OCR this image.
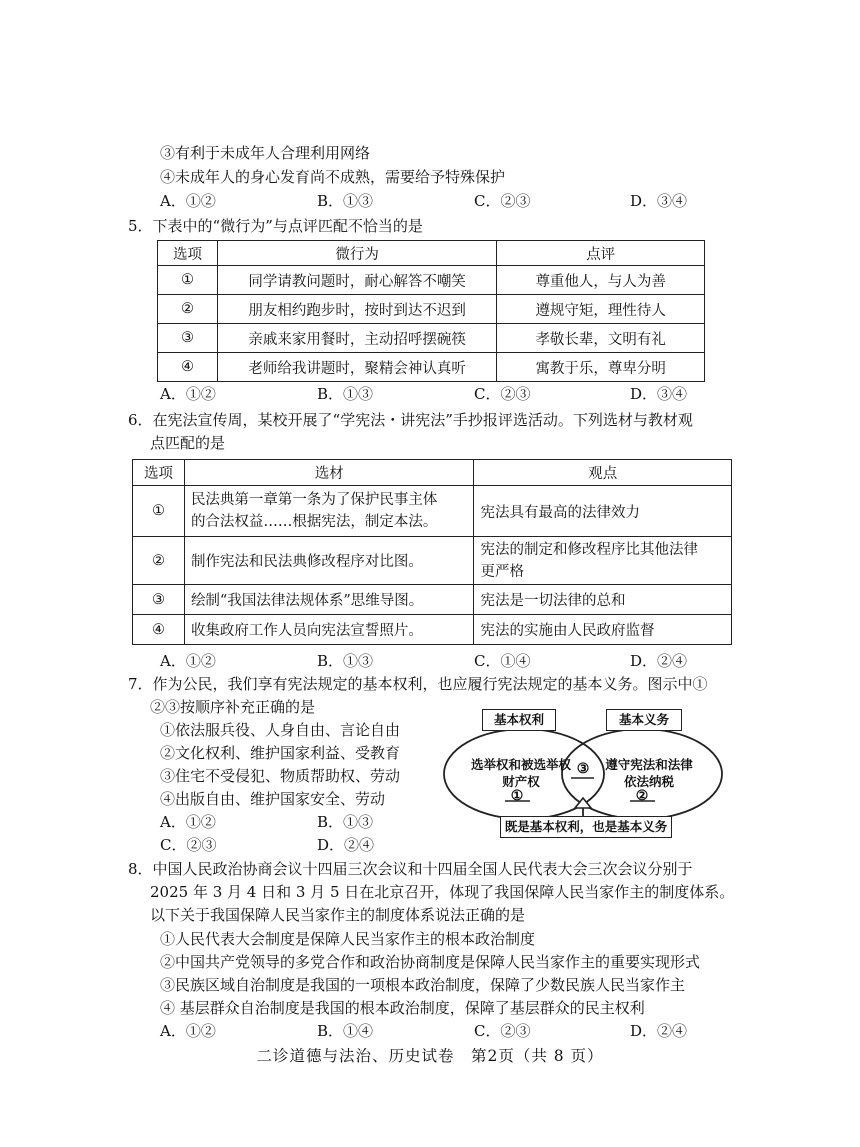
③有利于未成年人合理利用网络
④未成年人的身心发育尚不成熟，需要给予特殊保护
A．①②	B．①③	C．②③	D．③④
5．下表中的“微行为”与点评匹配不恰当的是
选项	微行为	点评
①	同学请教问题时，耐心解答不嘲笑	尊重他人，与人为善
②	朋友相约跑步时，按时到达不迟到	遵规守矩，理性待人
③	亲戚来家用餐时，主动招呼摆碗筷	孝敬长辈，文明有礼
④	老师给我讲题时，聚精会神认真听	寓教于乐，尊卑分明
A．①②	B．①③	C．②③	D．③④
6．在宪法宣传周，某校开展了“学宪法・讲宪法”手抄报评选活动。下列选材与教材观
点匹配的是
选项	选材	观点
①	民法典第一章第一条为了保护民事主体
的合法权益……根据宪法，制定本法。	宪法具有最高的法律效力
②	制作宪法和民法典修改程序对比图。	宪法的制定和修改程序比其他法律
更严格

③	绘制“我国法律法规体系”思维导图。	宪法是一切法律的总和
④	收集政府工作人员向宪法宣誓照片。	宪法的实施由人民政府监督
A．①②	B．①③	C．①④	D．②④
7．作为公民，我们享有宪法规定的基本权利，也应履行宪法规定的基本义务。图示中①
②③按顺序补充正确的是
①依法服兵役、人身自由、言论自由
②文化权利、维护国家利益、受教育
③住宅不受侵犯、物质帮助权、劳动
④出版自由、维护国家安全、劳动
A．①②	B．①③
C．②③	D．②④
基本权利	基本义务
选举权和被选举权
财产权
遵守宪法和法律
依法纳税
③
①	②
既是基本权利，也是基本义务
8．中国人民政治协商会议十四届三次会议和十四届全国人民代表大会三次会议分别于
2025 年 3 月 4 日和 3 月 5 日在北京召开，体现了我国保障人民当家作主的制度体系。
以下关于我国保障人民当家作主的制度体系说法正确的是
①人民代表大会制度是保障人民当家作主的根本政治制度
②中国共产党领导的多党合作和政治协商制度是保障人民当家作主的重要实现形式
③民族区域自治制度是我国的一项根本政治制度，保障了少数民族人民当家作主
④ 基层群众自治制度是我国的根本政治制度，保障了基层群众的民主权利
A．①②	B．①④	C．②③	D．②④
二诊道德与法治、历史试卷　第2页（共 8 页）
